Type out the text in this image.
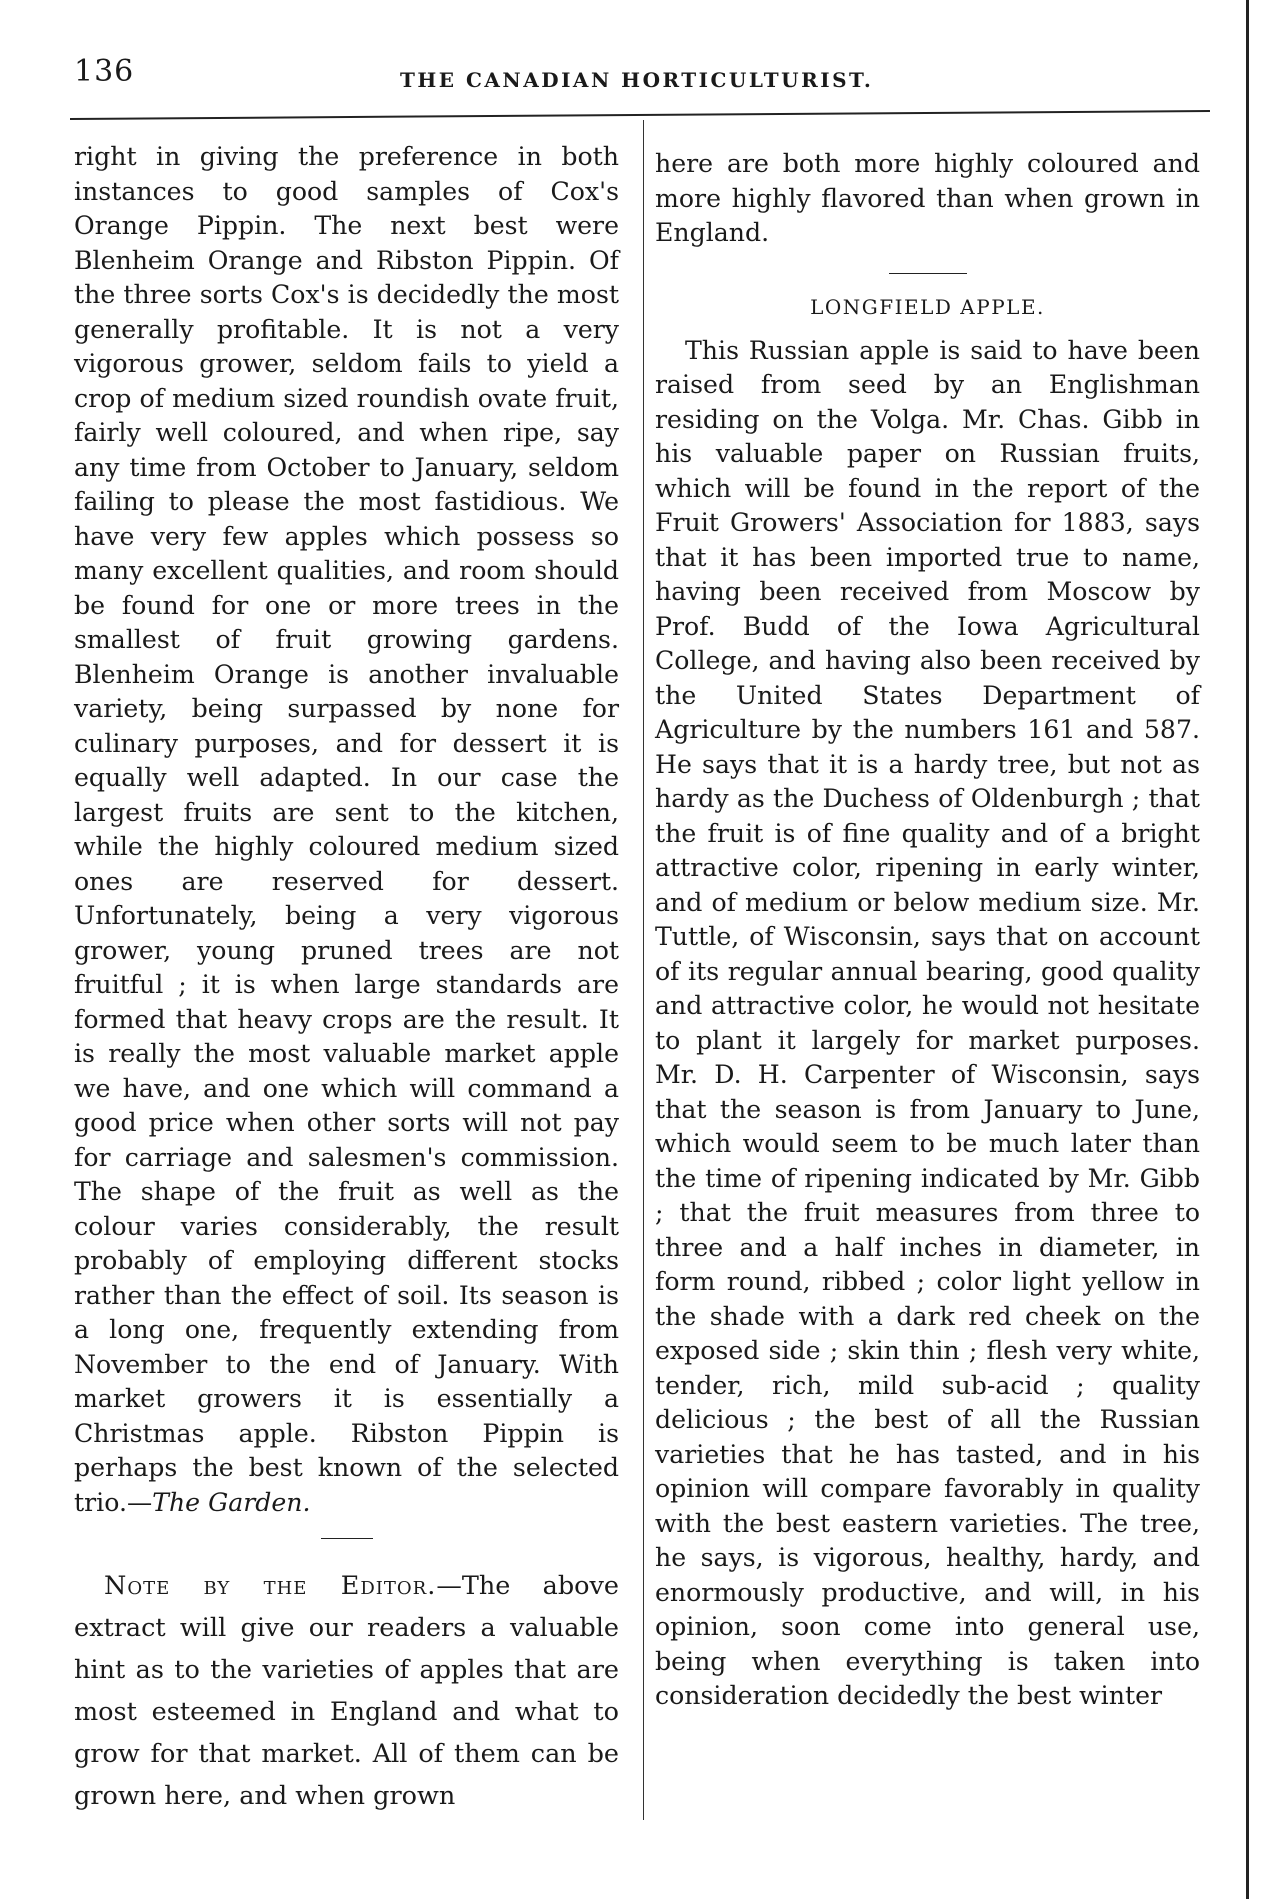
136	THE CANADIAN HORTICULTURIST.

right in giving the preference in both instances to good samples of Cox's Orange Pippin. The next best were Blenheim Orange and Ribston Pippin. Of the three sorts Cox's is decidedly the most generally profitable. It is not a very vigorous grower, seldom fails to yield a crop of medium sized roundish ovate fruit, fairly well coloured, and when ripe, say any time from October to January, seldom failing to please the most fastidious. We have very few apples which possess so many excellent qualities, and room should be found for one or more trees in the smallest of fruit growing gardens. Blenheim Orange is another invaluable variety, being surpassed by none for culinary purposes, and for dessert it is equally well adapted. In our case the largest fruits are sent to the kitchen, while the highly coloured medium sized ones are reserved for dessert. Unfortunately, being a very vigorous grower, young pruned trees are not fruitful ; it is when large standards are formed that heavy crops are the result. It is really the most valuable market apple we have, and one which will command a good price when other sorts will not pay for carriage and salesmen's commission. The shape of the fruit as well as the colour varies considerably, the result probably of employing different stocks rather than the effect of soil. Its season is a long one, frequently extending from November to the end of January. With market growers it is essentially a Christmas apple. Ribston Pippin is perhaps the best known of the selected trio.—The Garden.

Note by the Editor.—The above extract will give our readers a valuable hint as to the varieties of apples that are most esteemed in England and what to grow for that market. All of them can be grown here, and when grown

here are both more highly coloured and more highly flavored than when grown in England.

LONGFIELD APPLE.

This Russian apple is said to have been raised from seed by an Englishman residing on the Volga. Mr. Chas. Gibb in his valuable paper on Russian fruits, which will be found in the report of the Fruit Growers' Association for 1883, says that it has been imported true to name, having been received from Moscow by Prof. Budd of the Iowa Agricultural College, and having also been received by the United States Department of Agriculture by the numbers 161 and 587. He says that it is a hardy tree, but not as hardy as the Duchess of Oldenburgh ; that the fruit is of fine quality and of a bright attractive color, ripening in early winter, and of medium or below medium size. Mr. Tuttle, of Wisconsin, says that on account of its regular annual bearing, good quality and attractive color, he would not hesitate to plant it largely for market purposes. Mr. D. H. Carpenter of Wisconsin, says that the season is from January to June, which would seem to be much later than the time of ripening indicated by Mr. Gibb ; that the fruit measures from three to three and a half inches in diameter, in form round, ribbed ; color light yellow in the shade with a dark red cheek on the exposed side ; skin thin ; flesh very white, tender, rich, mild sub-acid ; quality delicious ; the best of all the Russian varieties that he has tasted, and in his opinion will compare favorably in quality with the best eastern varieties. The tree, he says, is vigorous, healthy, hardy, and enormously productive, and will, in his opinion, soon come into general use, being when everything is taken into consideration decidedly the best winter
